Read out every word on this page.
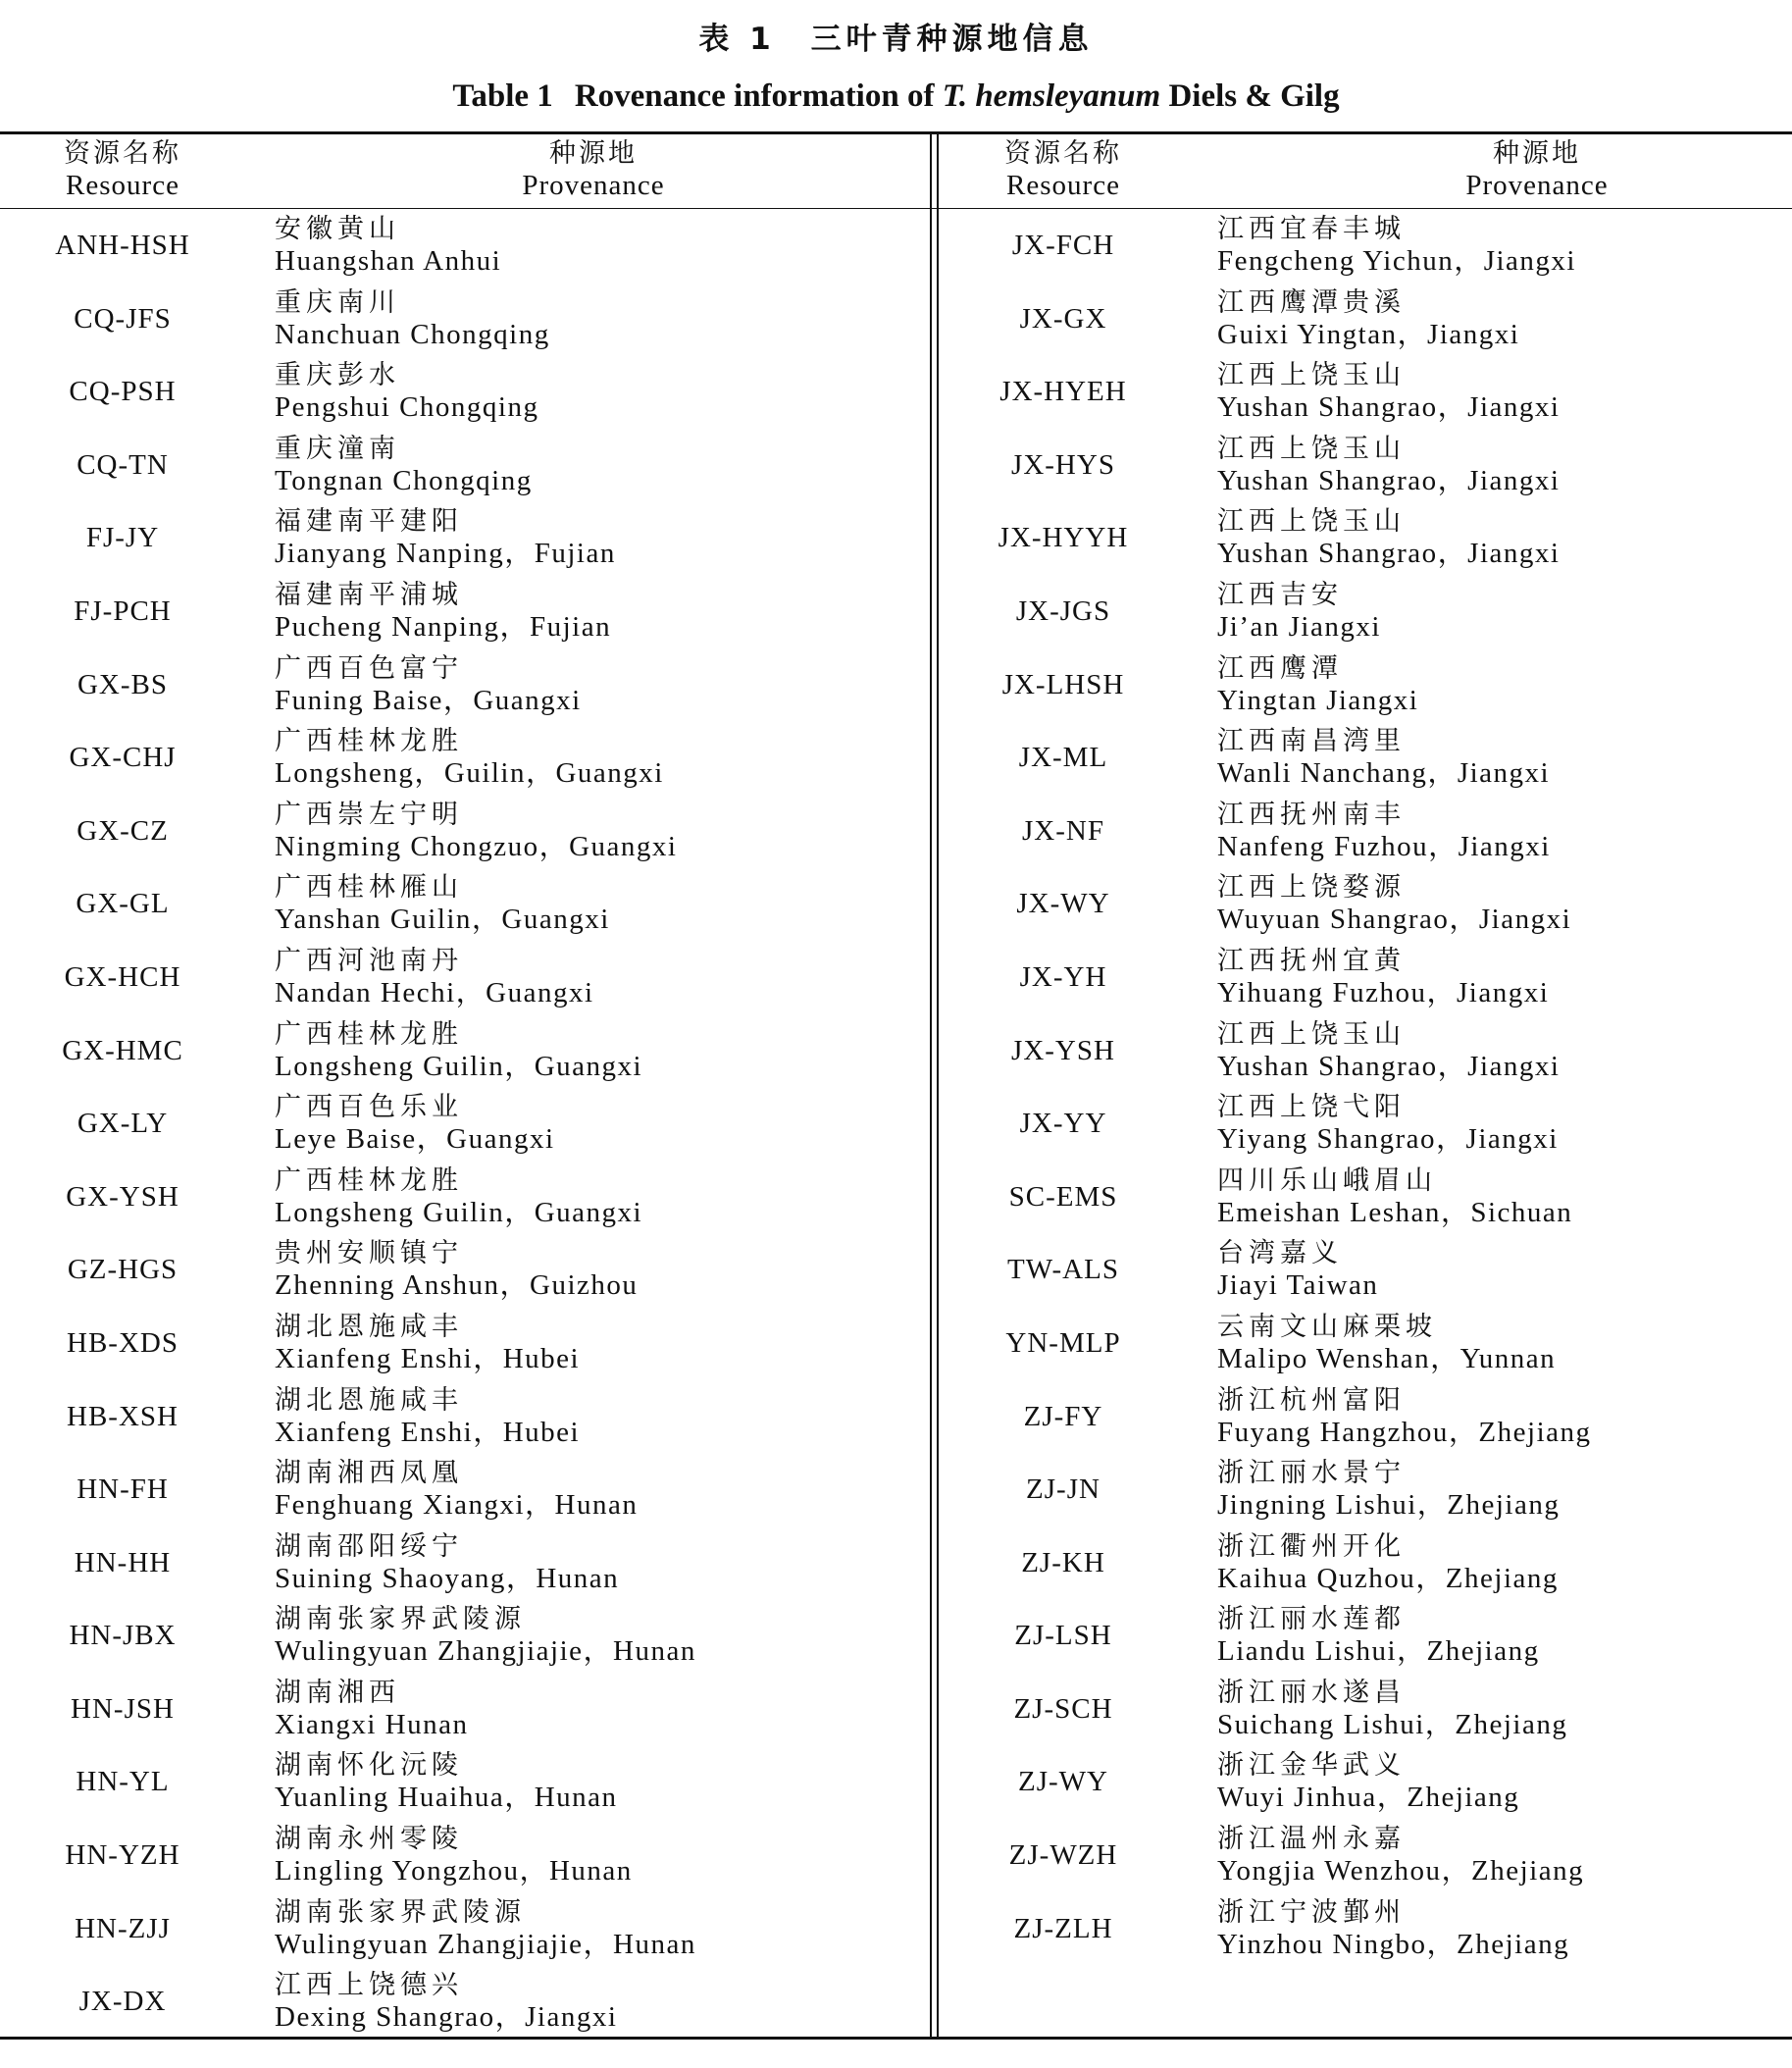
表 1　三叶青种源地信息
Table 1 Rovenance information of T. hemsleyanum Diels & Gilg
资源名称
Resource
种源地
Provenance
资源名称
Resource
种源地
Provenance
ANH-HSH
安徽黄山
Huangshan Anhui
CQ-JFS
重庆南川
Nanchuan Chongqing
CQ-PSH
重庆彭水
Pengshui Chongqing
CQ-TN
重庆潼南
Tongnan Chongqing
FJ-JY
福建南平建阳
Jianyang Nanping，Fujian
FJ-PCH
福建南平浦城
Pucheng Nanping，Fujian
GX-BS
广西百色富宁
Funing Baise，Guangxi
GX-CHJ
广西桂林龙胜
Longsheng，Guilin，Guangxi
GX-CZ
广西崇左宁明
Ningming Chongzuo，Guangxi
GX-GL
广西桂林雁山
Yanshan Guilin，Guangxi
GX-HCH
广西河池南丹
Nandan Hechi，Guangxi
GX-HMC
广西桂林龙胜
Longsheng Guilin，Guangxi
GX-LY
广西百色乐业
Leye Baise，Guangxi
GX-YSH
广西桂林龙胜
Longsheng Guilin，Guangxi
GZ-HGS
贵州安顺镇宁
Zhenning Anshun，Guizhou
HB-XDS
湖北恩施咸丰
Xianfeng Enshi，Hubei
HB-XSH
湖北恩施咸丰
Xianfeng Enshi，Hubei
HN-FH
湖南湘西凤凰
Fenghuang Xiangxi，Hunan
HN-HH
湖南邵阳绥宁
Suining Shaoyang，Hunan
HN-JBX
湖南张家界武陵源
Wulingyuan Zhangjiajie，Hunan
HN-JSH
湖南湘西
Xiangxi Hunan
HN-YL
湖南怀化沅陵
Yuanling Huaihua，Hunan
HN-YZH
湖南永州零陵
Lingling Yongzhou，Hunan
HN-ZJJ
湖南张家界武陵源
Wulingyuan Zhangjiajie，Hunan
JX-DX
江西上饶德兴
Dexing Shangrao，Jiangxi
JX-FCH
江西宜春丰城
Fengcheng Yichun，Jiangxi
JX-GX
江西鹰潭贵溪
Guixi Yingtan，Jiangxi
JX-HYEH
江西上饶玉山
Yushan Shangrao，Jiangxi
JX-HYS
江西上饶玉山
Yushan Shangrao，Jiangxi
JX-HYYH
江西上饶玉山
Yushan Shangrao，Jiangxi
JX-JGS
江西吉安
Ji’an Jiangxi
JX-LHSH
江西鹰潭
Yingtan Jiangxi
JX-ML
江西南昌湾里
Wanli Nanchang，Jiangxi
JX-NF
江西抚州南丰
Nanfeng Fuzhou，Jiangxi
JX-WY
江西上饶婺源
Wuyuan Shangrao，Jiangxi
JX-YH
江西抚州宜黄
Yihuang Fuzhou，Jiangxi
JX-YSH
江西上饶玉山
Yushan Shangrao，Jiangxi
JX-YY
江西上饶弋阳
Yiyang Shangrao，Jiangxi
SC-EMS
四川乐山峨眉山
Emeishan Leshan，Sichuan
TW-ALS
台湾嘉义
Jiayi Taiwan
YN-MLP
云南文山麻栗坡
Malipo Wenshan，Yunnan
ZJ-FY
浙江杭州富阳
Fuyang Hangzhou，Zhejiang
ZJ-JN
浙江丽水景宁
Jingning Lishui，Zhejiang
ZJ-KH
浙江衢州开化
Kaihua Quzhou，Zhejiang
ZJ-LSH
浙江丽水莲都
Liandu Lishui，Zhejiang
ZJ-SCH
浙江丽水遂昌
Suichang Lishui，Zhejiang
ZJ-WY
浙江金华武义
Wuyi Jinhua，Zhejiang
ZJ-WZH
浙江温州永嘉
Yongjia Wenzhou，Zhejiang
ZJ-ZLH
浙江宁波鄞州
Yinzhou Ningbo，Zhejiang
